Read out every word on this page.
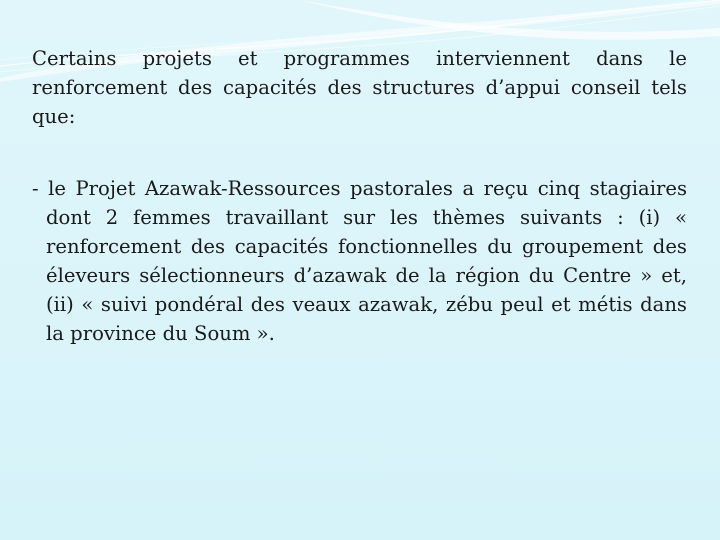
Certains projets et programmes interviennent dans le renforcement des capacités des structures d’appui conseil tels que:

- le Projet Azawak-Ressources pastorales a reçu cinq stagiaires dont 2 femmes travaillant sur les thèmes suivants : (i) « renforcement des capacités fonctionnelles du groupement des éleveurs sélectionneurs d’azawak de la région du Centre » et, (ii) « suivi pondéral des veaux azawak, zébu peul et métis dans la province du Soum ».
